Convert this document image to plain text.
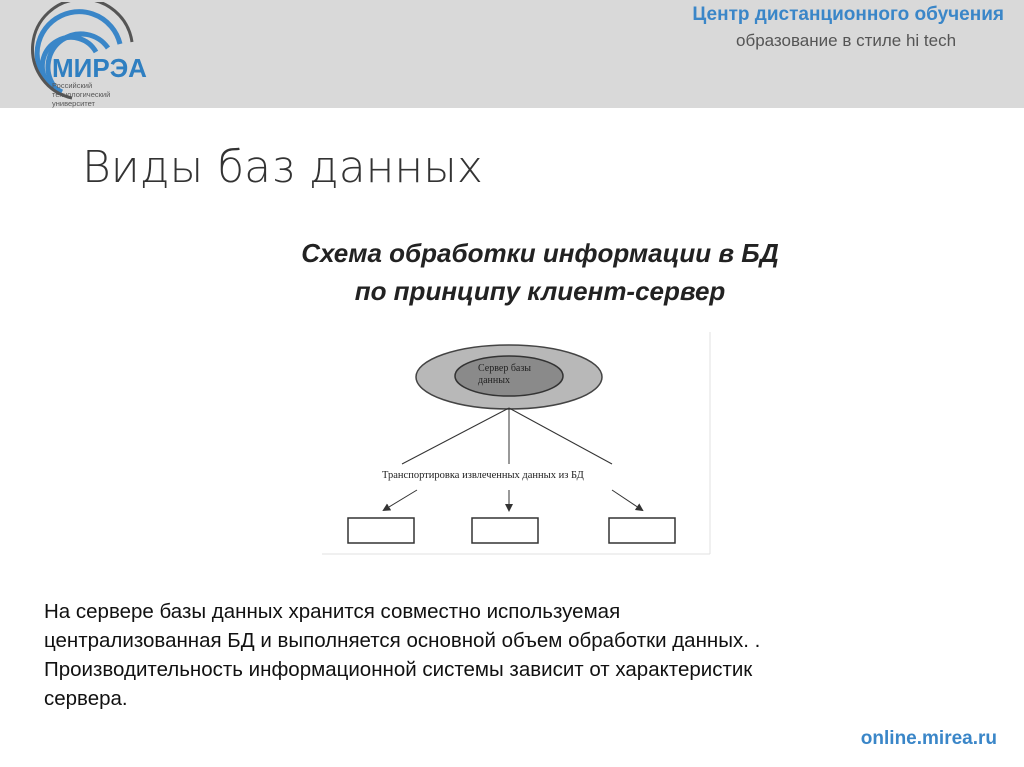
МИРЭА
Российский технологический университет
Центр дистанционного обучения
образование в стиле hi tech
Виды баз данных
Схема обработки информации в БД
по принципу клиент-сервер
Сервер базы
данных
Транспортировка извлеченных данных из БД
На сервере базы данных хранится совместно используемая
централизованная БД и выполняется основной объем обработки данных. .
Производительность информационной системы зависит от характеристик
сервера.
online.mirea.ru
